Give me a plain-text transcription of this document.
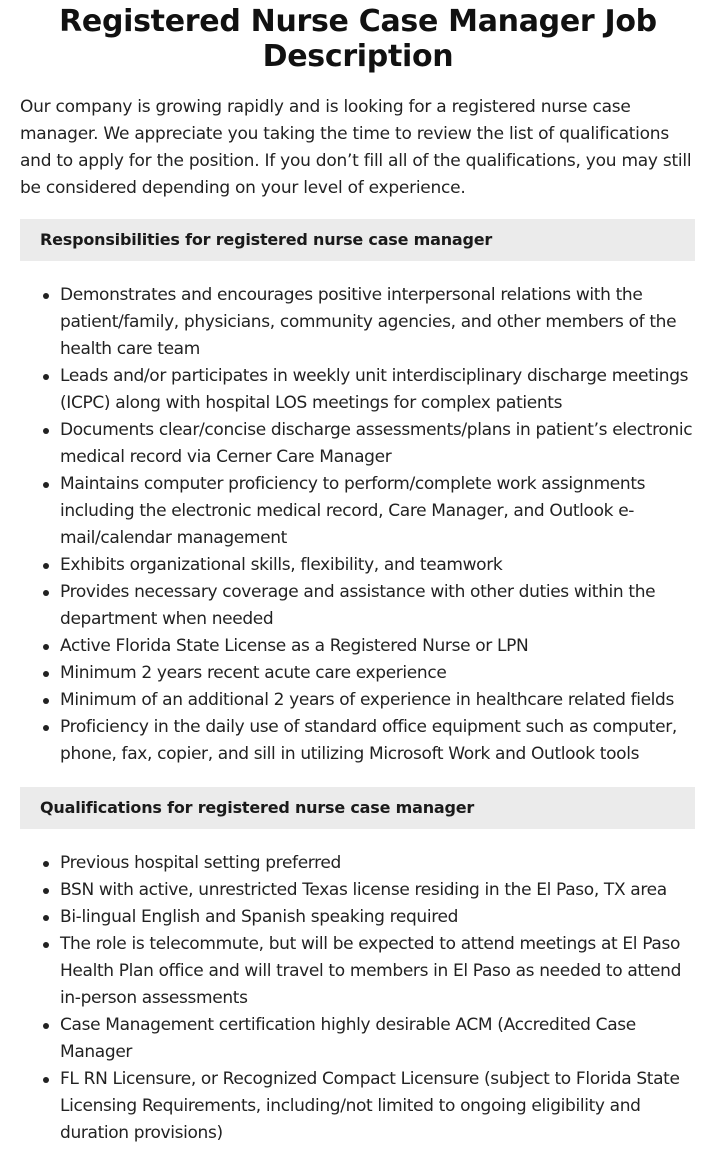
Registered Nurse Case Manager Job Description

Our company is growing rapidly and is looking for a registered nurse case manager. We appreciate you taking the time to review the list of qualifications and to apply for the position. If you don’t fill all of the qualifications, you may still be considered depending on your level of experience.

Responsibilities for registered nurse case manager
Demonstrates and encourages positive interpersonal relations with the patient/family, physicians, community agencies, and other members of the health care team
Leads and/or participates in weekly unit interdisciplinary discharge meetings (ICPC) along with hospital LOS meetings for complex patients
Documents clear/concise discharge assessments/plans in patient’s electronic medical record via Cerner Care Manager
Maintains computer proficiency to perform/complete work assignments including the electronic medical record, Care Manager, and Outlook e-mail/calendar management
Exhibits organizational skills, flexibility, and teamwork
Provides necessary coverage and assistance with other duties within the department when needed
Active Florida State License as a Registered Nurse or LPN
Minimum 2 years recent acute care experience
Minimum of an additional 2 years of experience in healthcare related fields
Proficiency in the daily use of standard office equipment such as computer, phone, fax, copier, and sill in utilizing Microsoft Work and Outlook tools
Qualifications for registered nurse case manager
Previous hospital setting preferred
BSN with active, unrestricted Texas license residing in the El Paso, TX area
Bi-lingual English and Spanish speaking required
The role is telecommute, but will be expected to attend meetings at El Paso Health Plan office and will travel to members in El Paso as needed to attend in-person assessments
Case Management certification highly desirable ACM (Accredited Case Manager
FL RN Licensure, or Recognized Compact Licensure (subject to Florida State Licensing Requirements, including/not limited to ongoing eligibility and duration provisions)
